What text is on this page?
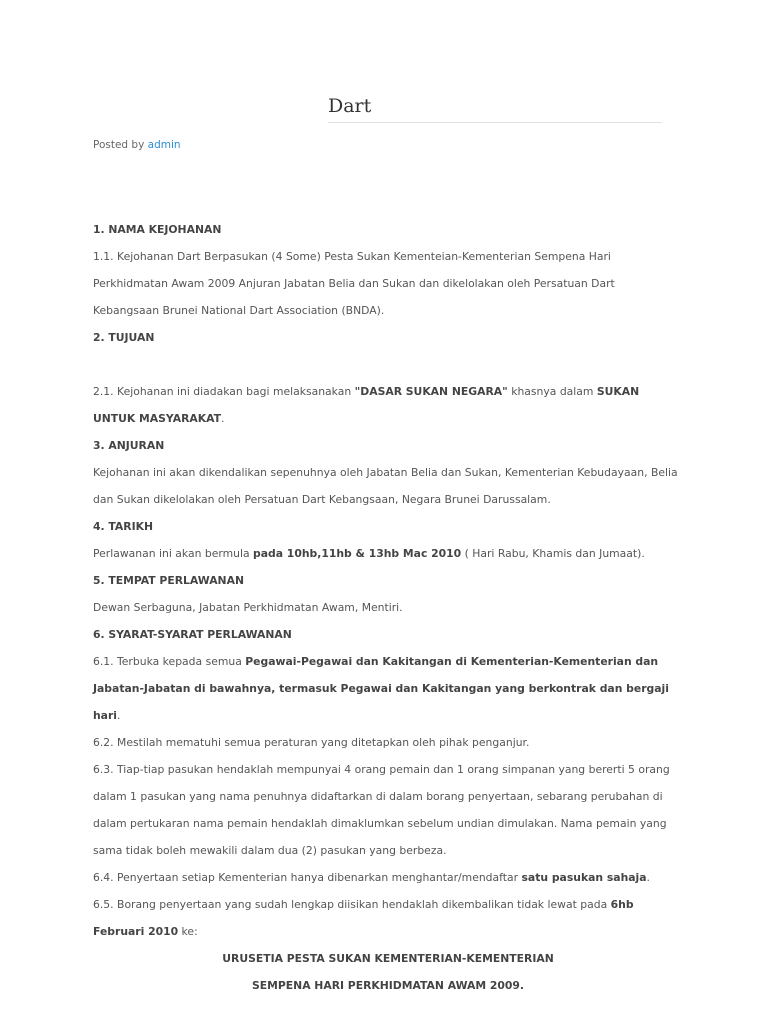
Dart
Posted by admin

1. NAMA KEJOHANAN

1.1. Kejohanan Dart Berpasukan (4 Some) Pesta Sukan Kementeian-Kementerian Sempena Hari Perkhidmatan Awam 2009 Anjuran Jabatan Belia dan Sukan dan dikelolakan oleh Persatuan Dart Kebangsaan Brunei National Dart Association (BNDA).

2. TUJUAN

2.1. Kejohanan ini diadakan bagi melaksanakan "DASAR SUKAN NEGARA" khasnya dalam SUKAN UNTUK MASYARAKAT.

3. ANJURAN

Kejohanan ini akan dikendalikan sepenuhnya oleh Jabatan Belia dan Sukan, Kementerian Kebudayaan, Belia dan Sukan dikelolakan oleh Persatuan Dart Kebangsaan, Negara Brunei Darussalam.

4. TARIKH

Perlawanan ini akan bermula pada 10hb,11hb & 13hb Mac 2010 ( Hari Rabu, Khamis dan Jumaat).

5. TEMPAT PERLAWANAN

Dewan Serbaguna, Jabatan Perkhidmatan Awam, Mentiri.

6. SYARAT-SYARAT PERLAWANAN

6.1. Terbuka kepada semua Pegawai-Pegawai dan Kakitangan di Kementerian-Kementerian dan Jabatan-Jabatan di bawahnya, termasuk Pegawai dan Kakitangan yang berkontrak dan bergaji hari.

6.2. Mestilah mematuhi semua peraturan yang ditetapkan oleh pihak penganjur.

6.3. Tiap-tiap pasukan hendaklah mempunyai 4 orang pemain dan 1 orang simpanan yang bererti 5 orang dalam 1 pasukan yang nama penuhnya didaftarkan di dalam borang penyertaan, sebarang perubahan di dalam pertukaran nama pemain hendaklah dimaklumkan sebelum undian dimulakan. Nama pemain yang sama tidak boleh mewakili dalam dua (2) pasukan yang berbeza.

6.4. Penyertaan setiap Kementerian hanya dibenarkan menghantar/mendaftar satu pasukan sahaja.

6.5. Borang penyertaan yang sudah lengkap diisikan hendaklah dikembalikan tidak lewat pada 6hb Februari 2010 ke:

URUSETIA PESTA SUKAN KEMENTERIAN-KEMENTERIAN

SEMPENA HARI PERKHIDMATAN AWAM 2009.
